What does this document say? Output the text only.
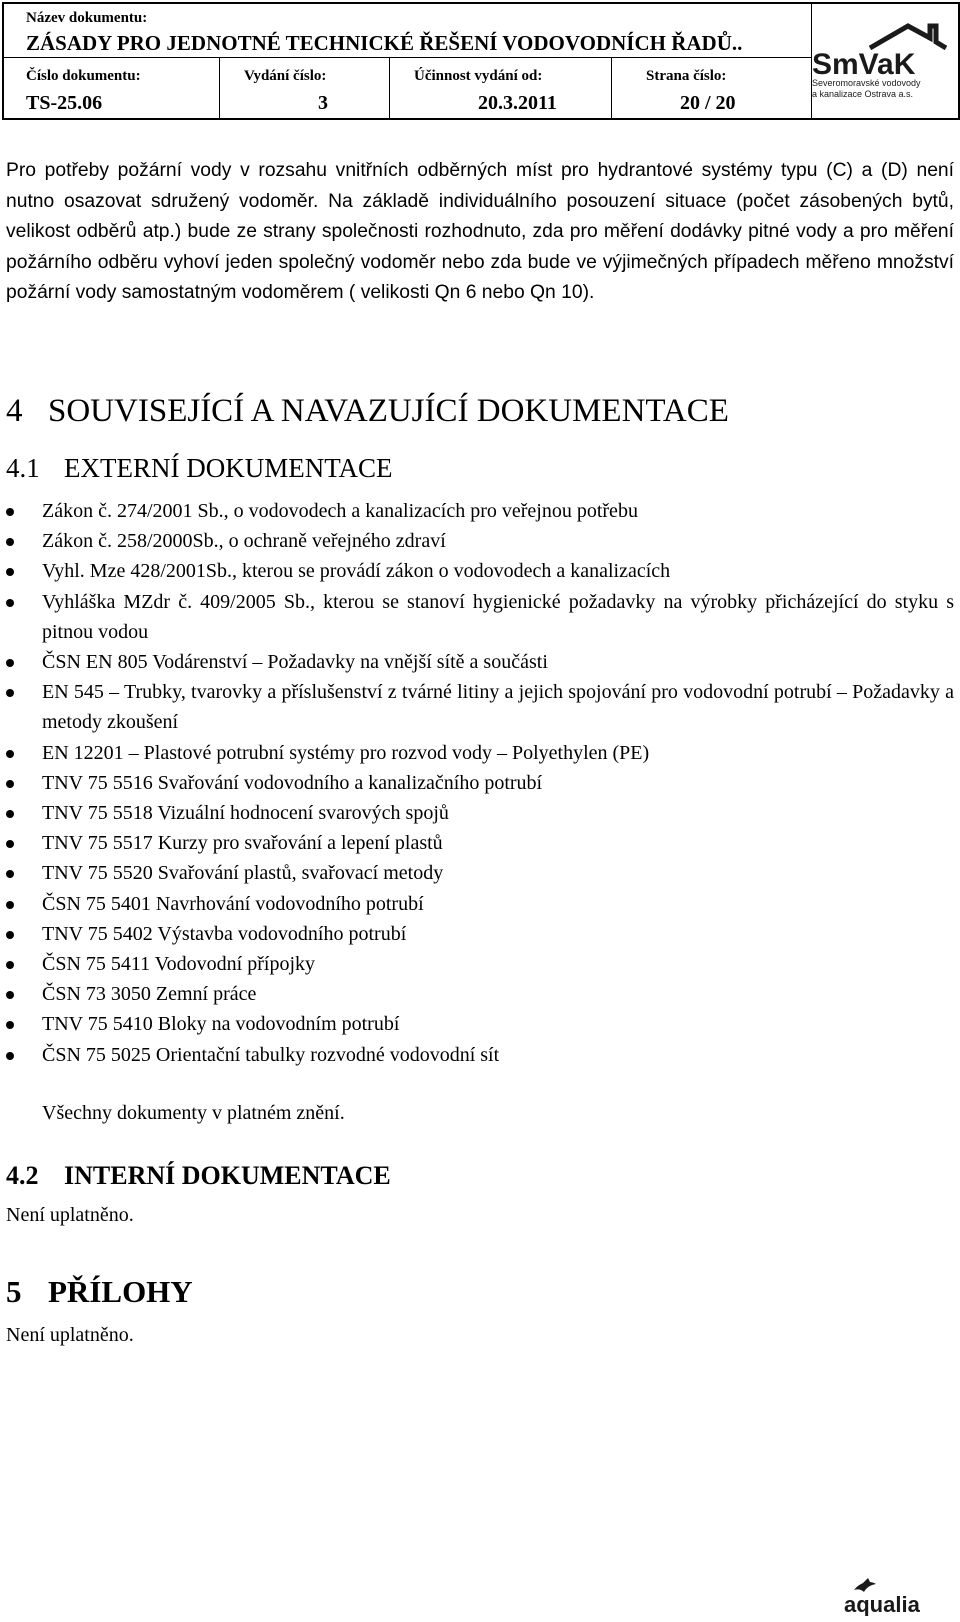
Název dokumentu:
ZÁSADY PRO JEDNOTNÉ TECHNICKÉ ŘEŠENÍ VODOVODNÍCH ŘADŮ..
Číslo dokumentu:
TS-25.06
Vydání číslo:
3
Účinnost vydání od:
20.3.2011
Strana číslo:
20 / 20
SmVaK
Severomoravské vodovody
a kanalizace Ostrava a.s.
Pro potřeby požární vody v rozsahu vnitřních odběrných míst pro hydrantové systémy typu (C) a (D) není nutno osazovat sdružený vodoměr. Na základě individuálního posouzení situace (počet zásobených bytů, velikost odběrů atp.) bude ze strany společnosti rozhodnuto, zda pro měření dodávky pitné vody a pro měření požárního odběru vyhoví jeden společný vodoměr nebo zda bude ve výjimečných případech měřeno množství požární vody samostatným vodoměrem ( velikosti Qn 6 nebo Qn 10).
4 SOUVISEJÍCÍ A NAVAZUJÍCÍ DOKUMENTACE
4.1 EXTERNÍ DOKUMENTACE
Zákon č. 274/2001 Sb., o vodovodech a kanalizacích pro veřejnou potřebu
Zákon č. 258/2000Sb., o ochraně veřejného zdraví
Vyhl. Mze 428/2001Sb., kterou se provádí zákon o vodovodech a kanalizacích
Vyhláška MZdr č. 409/2005 Sb., kterou se stanoví hygienické požadavky na výrobky přicházející do styku s pitnou vodou
ČSN EN 805 Vodárenství – Požadavky na vnější sítě a součásti
EN 545 – Trubky, tvarovky a příslušenství z tvárné litiny a jejich spojování pro vodovodní potrubí – Požadavky a metody zkoušení
EN 12201 – Plastové potrubní systémy pro rozvod vody – Polyethylen (PE)
TNV 75 5516 Svařování vodovodního a kanalizačního potrubí
TNV 75 5518 Vizuální hodnocení svarových spojů
TNV 75 5517 Kurzy pro svařování a lepení plastů
TNV 75 5520 Svařování plastů, svařovací metody
ČSN 75 5401 Navrhování vodovodního potrubí
TNV 75 5402 Výstavba vodovodního potrubí
ČSN 75 5411 Vodovodní přípojky
ČSN 73 3050 Zemní práce
TNV 75 5410 Bloky na vodovodním potrubí
ČSN 75 5025 Orientační tabulky rozvodné vodovodní sít
Všechny dokumenty v platném znění.
4.2 INTERNÍ DOKUMENTACE
Není uplatněno.
5 PŘÍLOHY
Není uplatněno.
aqualia
